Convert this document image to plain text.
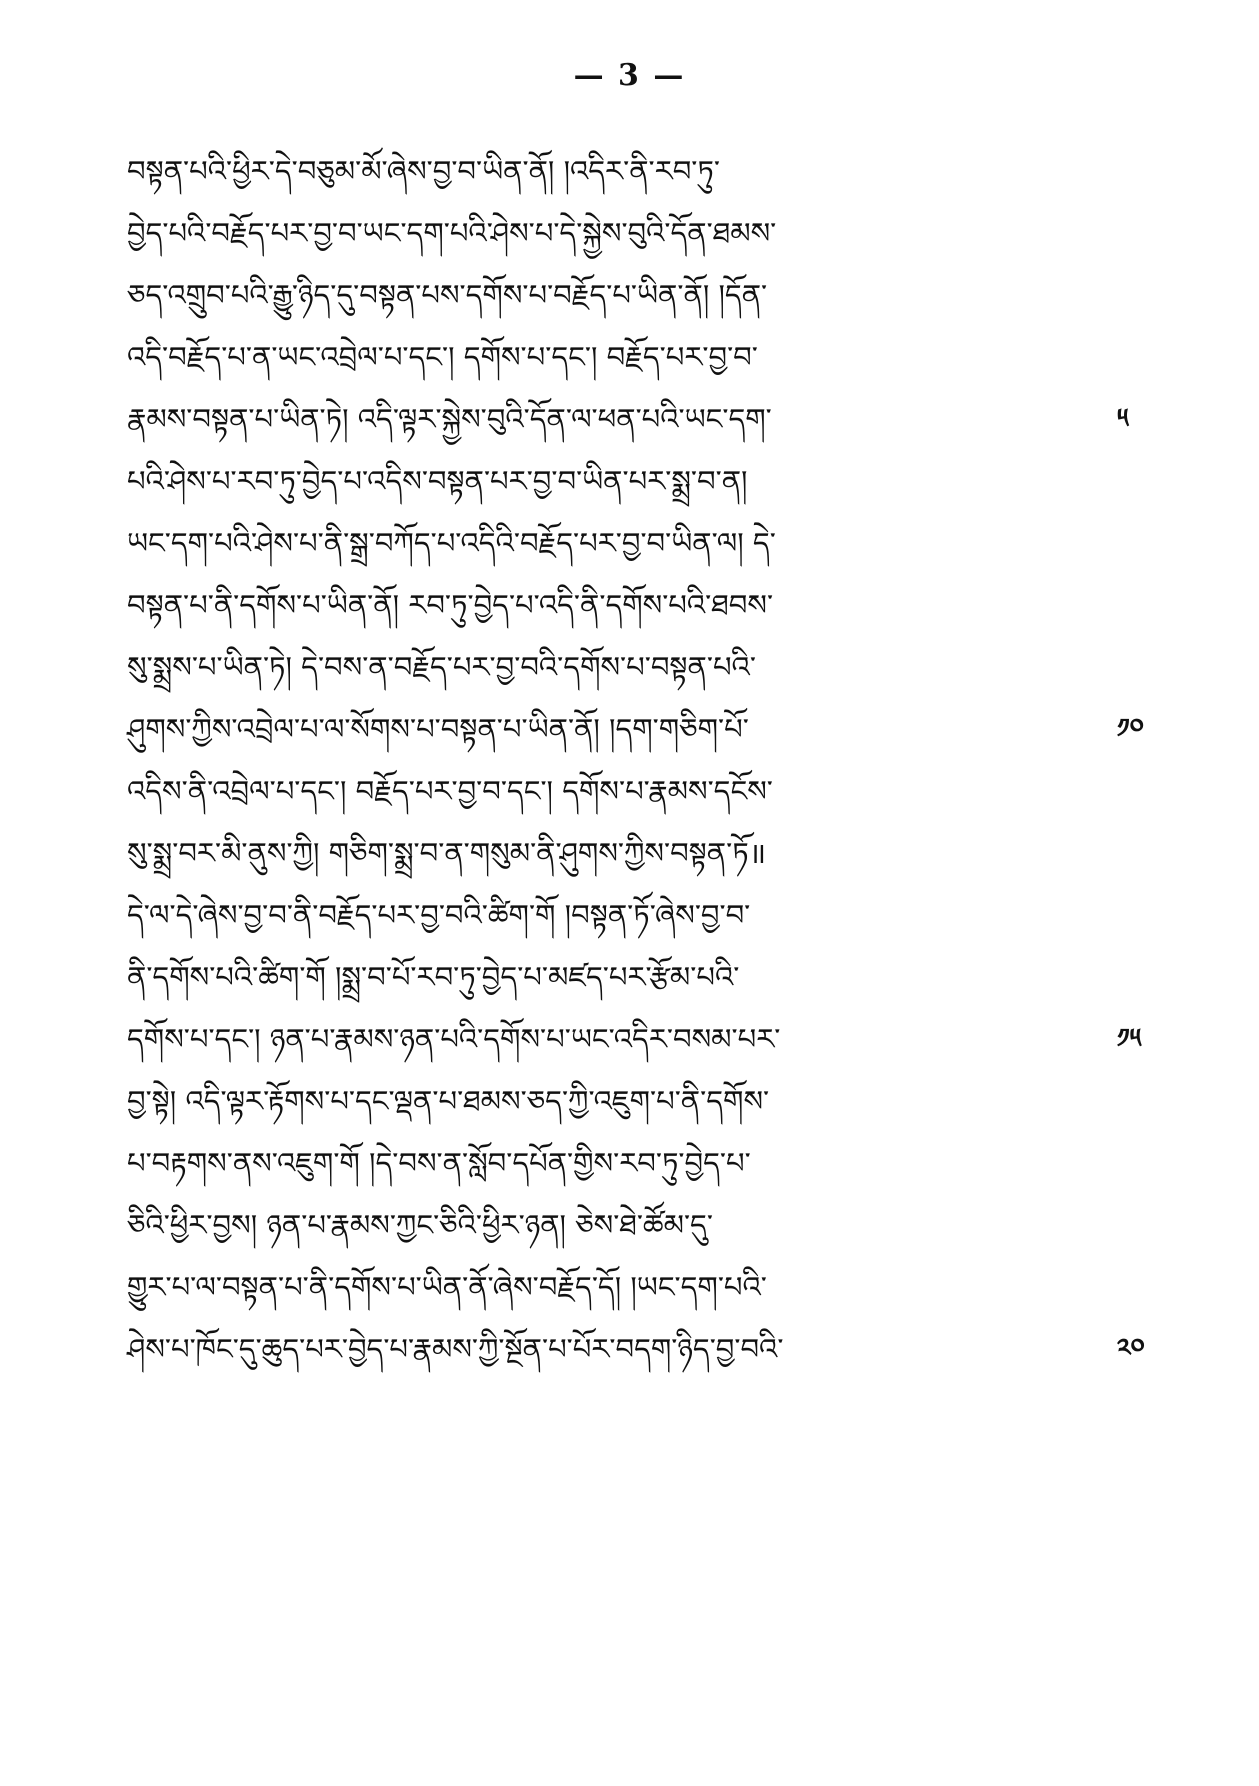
— 3 —
བསྟན་པའི་ཕྱིར་དེ་བཅུམ་མོ་ཞེས་བྱ་བ་ཡིན་ནོ། །འདིར་ནི་རབ་ཏུ་
བྱེད་པའི་བརྗོད་པར་བྱ་བ་ཡང་དག་པའི་ཤེས་པ་དེ་སྐྱེས་བུའི་དོན་ཐམས་
ཅད་འགྲུབ་པའི་རྒྱུ་ཉིད་དུ་བསྟན་པས་དགོས་པ་བརྗོད་པ་ཡིན་ནོ། །དོན་
འདི་བརྗོད་པ་ན་ཡང་འབྲེལ་པ་དང་། དགོས་པ་དང་། བརྗོད་པར་བྱ་བ་
རྣམས་བསྟན་པ་ཡིན་ཏེ། འདི་ལྟར་སྐྱེས་བུའི་དོན་ལ་ཕན་པའི་ཡང་དག་	༥
པའི་ཤེས་པ་རབ་ཏུ་བྱེད་པ་འདིས་བསྟན་པར་བྱ་བ་ཡིན་པར་སྨྲ་བ་ན།
ཡང་དག་པའི་ཤེས་པ་ནི་སྒྲ་བཀོད་པ་འདིའི་བརྗོད་པར་བྱ་བ་ཡིན་ལ། དེ་
བསྟན་པ་ནི་དགོས་པ་ཡིན་ནོ། རབ་ཏུ་བྱེད་པ་འདི་ནི་དགོས་པའི་ཐབས་
སུ་སྨྲས་པ་ཡིན་ཏེ། དེ་བས་ན་བརྗོད་པར་བྱ་བའི་དགོས་པ་བསྟན་པའི་
ཤུགས་ཀྱིས་འབྲེལ་པ་ལ་སོགས་པ་བསྟན་པ་ཡིན་ནོ། །དག་གཅིག་པོ་	༡༠
འདིས་ནི་འབྲེལ་པ་དང་། བརྗོད་པར་བྱ་བ་དང་། དགོས་པ་རྣམས་དངོས་
སུ་སྨྲ་བར་མི་ནུས་ཀྱི། གཅིག་སྨྲ་བ་ན་གསུམ་ནི་ཤུགས་ཀྱིས་བསྟན་ཏོ॥
དེ་ལ་དེ་ཞེས་བྱ་བ་ནི་བརྗོད་པར་བྱ་བའི་ཚིག་གོ །བསྟན་ཏོ་ཞེས་བྱ་བ་
ནི་དགོས་པའི་ཚིག་གོ །སྨྲ་བ་པོ་རབ་ཏུ་བྱེད་པ་མཛད་པར་རྩོམ་པའི་
དགོས་པ་དང་། ཉན་པ་རྣམས་ཉན་པའི་དགོས་པ་ཡང་འདིར་བསམ་པར་	༡༥
བྱ་སྟེ། འདི་ལྟར་རྟོགས་པ་དང་ལྡན་པ་ཐམས་ཅད་ཀྱི་འཇུག་པ་ནི་དགོས་
པ་བརྟགས་ནས་འཇུག་གོ །དེ་བས་ན་སློབ་དཔོན་གྱིས་རབ་ཏུ་བྱེད་པ་
ཅིའི་ཕྱིར་བྱས། ཉན་པ་རྣམས་ཀྱང་ཅིའི་ཕྱིར་ཉན། ཅེས་ཐེ་ཚོམ་དུ་
གྱུར་པ་ལ་བསྟན་པ་ནི་དགོས་པ་ཡིན་ནོ་ཞེས་བརྗོད་དོ། །ཡང་དག་པའི་
ཤེས་པ་ཁོང་དུ་ཆུད་པར་བྱེད་པ་རྣམས་ཀྱི་སྔོན་པ་པོར་བདག་ཉིད་བྱ་བའི་	༢༠
